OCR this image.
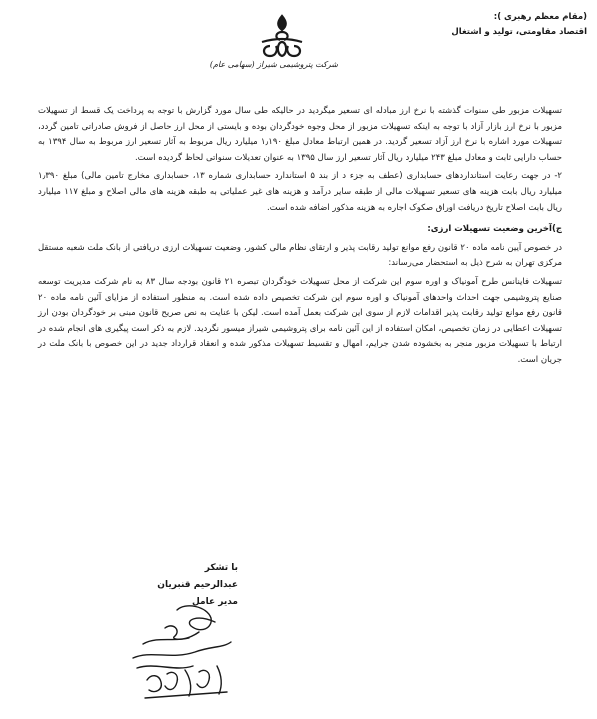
(مقام معظم رهبری ):
اقتصاد مقاومتی، تولید و اشتغال
شرکت پتروشیمی شیراز (سهامی عام)

تسهیلات مزبور طی سنوات گذشته با نرخ ارز مبادله ای تسعیر میگردید در حالیکه طی سال مورد گزارش با توجه به پرداخت یک قسط از تسهیلات مزبور با نرخ ارز بازار آزاد با توجه به اینکه تسهیلات مزبور از محل وجوه خودگردان بوده و بایستی از محل ارز حاصل از فروش صادراتی تامین گردد، تسهیلات مورد اشاره با نرخ ارز آزاد تسعیر گردید. در همین ارتباط معادل مبلغ ۱٫۱۹۰ میلیارد ریال مربوط به آثار تسعیر ارز مربوط به سال ۱۳۹۴ به حساب دارایی ثابت و معادل مبلغ ۲۴۳ میلیارد ریال آثار تسعیر ارز سال ۱۳۹۵ به عنوان تعدیلات سنواتی لحاظ گردیده است.

۲- در جهت رعایت استانداردهای حسابداری (عطف به جزء د از بند ۵ استاندارد حسابداری شماره ۱۳، حسابداری مخارج تامین مالی) مبلغ ۱٫۳۹۰ میلیارد ریال بابت هزینه های تسعیر تسهیلات مالی از طبقه سایر درآمد و هزینه های غیر عملیاتی به طبقه هزینه های مالی اصلاح و مبلغ ۱۱۷ میلیارد ریال بابت اصلاح تاریخ دریافت اوراق صکوک اجاره به هزینه مذکور اضافه شده است.

ج)آخرین وضعیت تسهیلات ارزی:

در خصوص آیین نامه ماده ۲۰ قانون رفع موانع تولید رقابت پذیر و ارتقای نظام مالی کشور، وضعیت تسهیلات ارزی دریافتی از بانک ملت شعبه مستقل مرکزی تهران به شرح ذیل به استحضار می‌رساند:

تسهیلات فاینانس طرح آمونیاک و اوره سوم این شرکت از محل تسهیلات خودگردان تبصره ۲۱ قانون بودجه سال ۸۳ به نام شرکت مدیریت توسعه صنایع پتروشیمی جهت احداث واحدهای آمونیاک و اوره سوم این شرکت تخصیص داده شده است. به منظور استفاده از مزایای آئین نامه ماده ۲۰ قانون رفع موانع تولید رقابت پذیر اقدامات لازم از سوی این شرکت بعمل آمده است. لیکن با عنایت به نص صریح قانون مبنی بر خودگردان بودن ارز تسهیلات اعطایی در زمان تخصیص، امکان استفاده از این آئین نامه برای پتروشیمی شیراز میسور نگردید. لازم به ذکر است پیگیری های انجام شده در ارتباط با تسهیلات مزبور منجر به بخشوده شدن جرایم، امهال و تقسیط تسهیلات مذکور شده و انعقاد قرارداد جدید در این خصوص با بانک ملت در جریان است.

با تشکر
عبدالرحیم قنبریان
مدیر عامل
